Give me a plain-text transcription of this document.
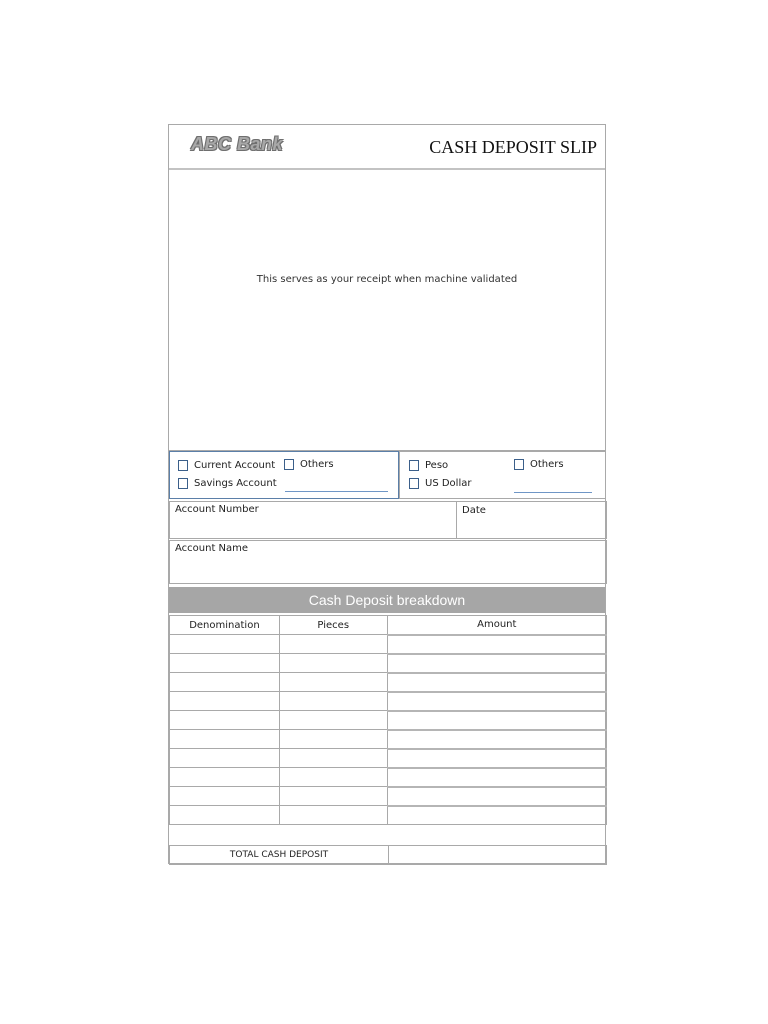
ABC Bank	CASH DEPOSIT SLIP
This serves as your receipt when machine validated
Current Account
Savings Account
Others	Peso
US Dollar
Others
Account Number	Date
Account Name
Cash Deposit breakdown
Denomination	Pieces	Amount

TOTAL CASH DEPOSIT
